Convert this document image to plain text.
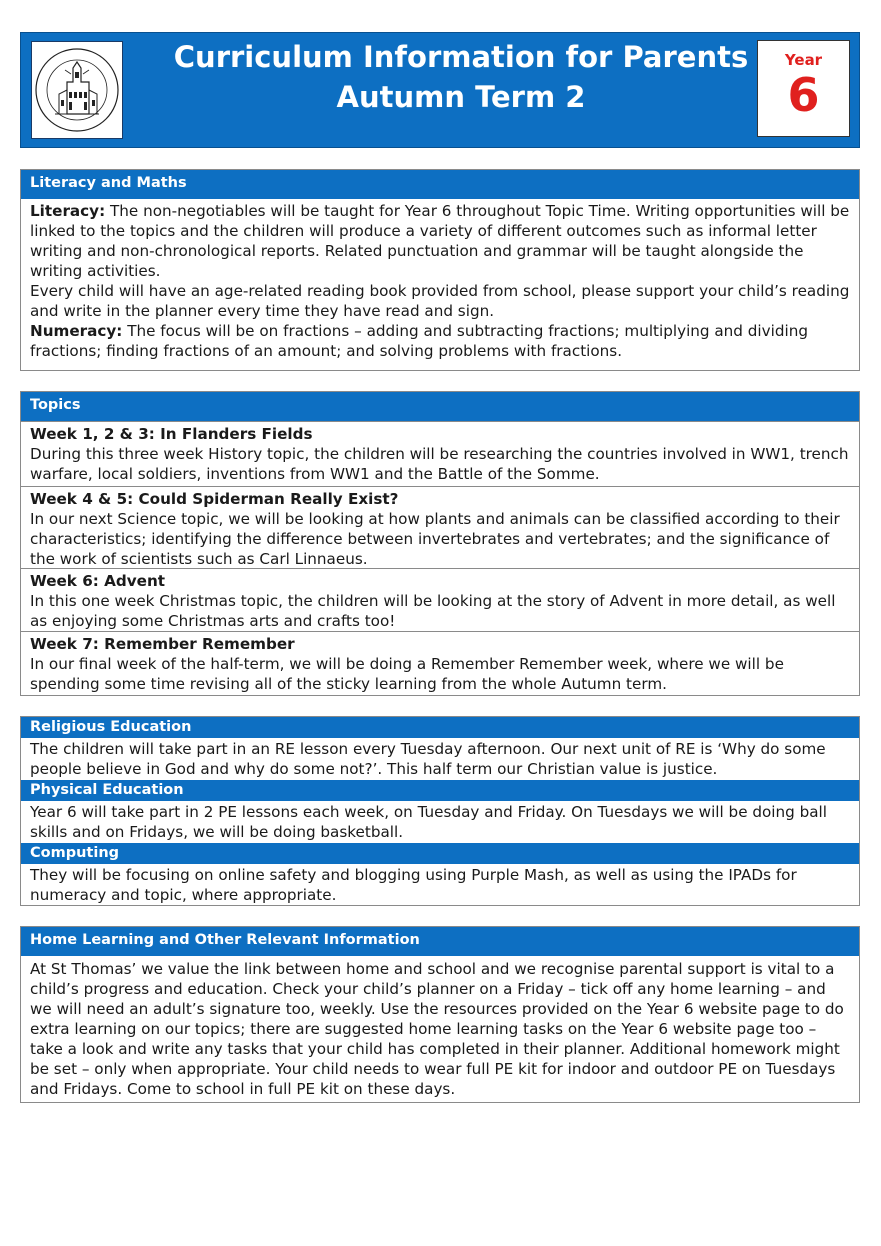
Curriculum Information for Parents
Autumn Term 2
Year
6
Literacy and Maths
Literacy: The non-negotiables will be taught for Year 6 throughout Topic Time. Writing opportunities will be linked to the topics and the children will produce a variety of different outcomes such as informal letter writing and non-chronological reports. Related punctuation and grammar will be taught alongside the writing activities.
Every child will have an age-related reading book provided from school, please support your child’s reading and write in the planner every time they have read and sign.
Numeracy: The focus will be on fractions – adding and subtracting fractions; multiplying and dividing fractions; finding fractions of an amount; and solving problems with fractions.
Topics
Week 1, 2 & 3: In Flanders Fields
During this three week History topic, the children will be researching the countries involved in WW1, trench warfare, local soldiers, inventions from WW1 and the Battle of the Somme.
Week 4 & 5: Could Spiderman Really Exist?
In our next Science topic, we will be looking at how plants and animals can be classified according to their characteristics; identifying the difference between invertebrates and vertebrates; and the significance of the work of scientists such as Carl Linnaeus.
Week 6: Advent
In this one week Christmas topic, the children will be looking at the story of Advent in more detail, as well as enjoying some Christmas arts and crafts too!
Week 7: Remember Remember
In our final week of the half-term, we will be doing a Remember Remember week, where we will be spending some time revising all of the sticky learning from the whole Autumn term.
Religious Education
The children will take part in an RE lesson every Tuesday afternoon. Our next unit of RE is ‘Why do some people believe in God and why do some not?’. This half term our Christian value is justice.
Physical Education
Year 6 will take part in 2 PE lessons each week, on Tuesday and Friday. On Tuesdays we will be doing ball skills and on Fridays, we will be doing basketball.
Computing
They will be focusing on online safety and blogging using Purple Mash, as well as using the IPADs for numeracy and topic, where appropriate.
Home Learning and Other Relevant Information
At St Thomas’ we value the link between home and school and we recognise parental support is vital to a child’s progress and education. Check your child’s planner on a Friday – tick off any home learning – and we will need an adult’s signature too, weekly. Use the resources provided on the Year 6 website page to do extra learning on our topics; there are suggested home learning tasks on the Year 6 website page too – take a look and write any tasks that your child has completed in their planner. Additional homework might be set – only when appropriate. Your child needs to wear full PE kit for indoor and outdoor PE on Tuesdays and Fridays. Come to school in full PE kit on these days.
